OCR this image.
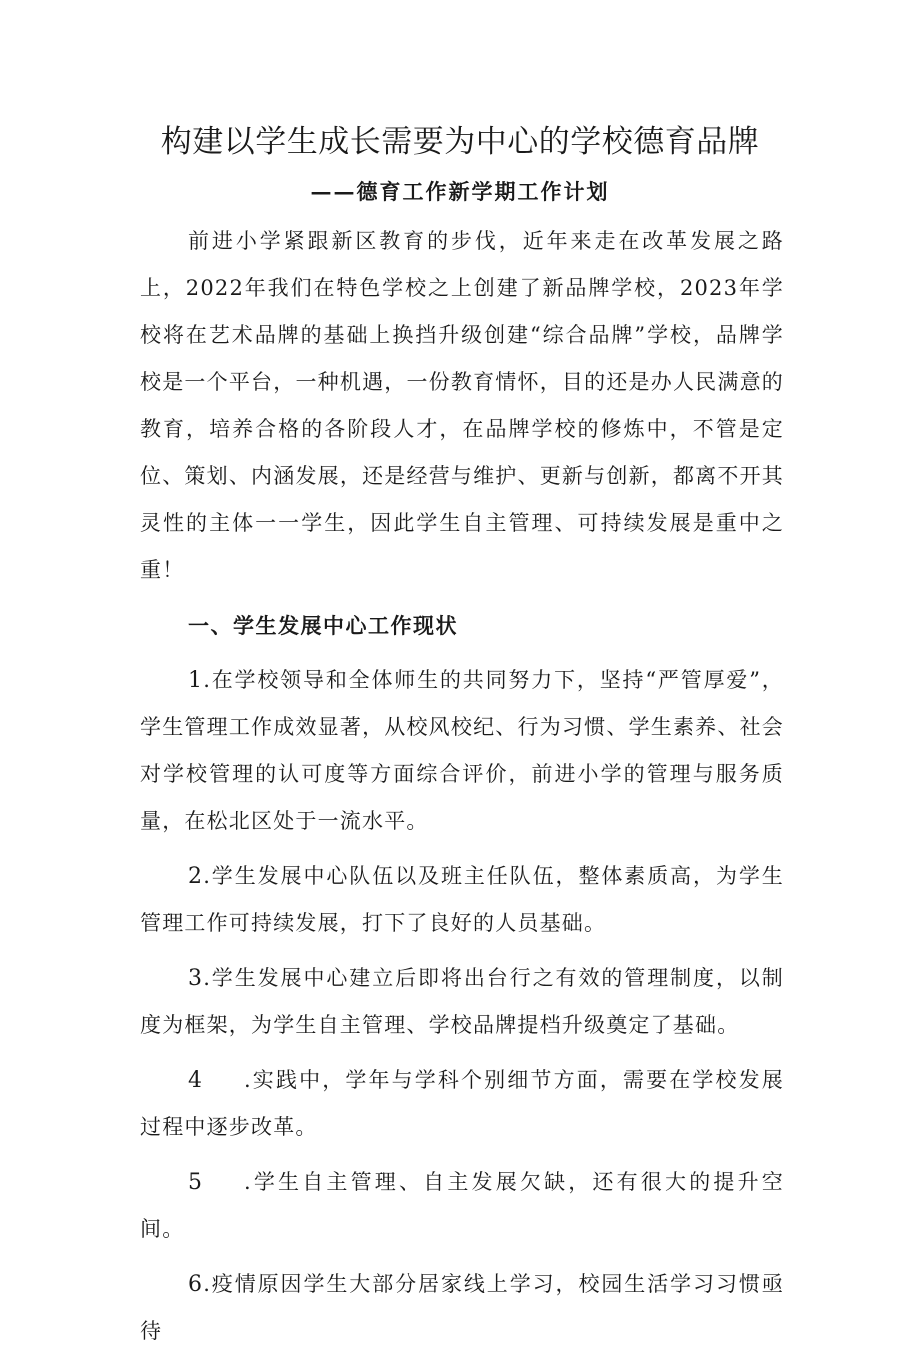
构建以学生成长需要为中心的学校德育品牌
——德育工作新学期工作计划

前进小学紧跟新区教育的步伐，近年来走在改革发展之路上，2022年我们在特色学校之上创建了新品牌学校，2023年学校将在艺术品牌的基础上换挡升级创建“综合品牌”学校，品牌学校是一个平台，一种机遇，一份教育情怀，目的还是办人民满意的教育，培养合格的各阶段人才，在品牌学校的修炼中，不管是定位、策划、内涵发展，还是经营与维护、更新与创新，都离不开其灵性的主体一一学生，因此学生自主管理、可持续发展是重中之重！

一、学生发展中心工作现状

1.在学校领导和全体师生的共同努力下，坚持“严管厚爱”，学生管理工作成效显著，从校风校纪、行为习惯、学生素养、社会对学校管理的认可度等方面综合评价，前进小学的管理与服务质量，在松北区处于一流水平。

2.学生发展中心队伍以及班主任队伍，整体素质高，为学生管理工作可持续发展，打下了良好的人员基础。

3.学生发展中心建立后即将出台行之有效的管理制度，以制度为框架，为学生自主管理、学校品牌提档升级奠定了基础。

4 .实践中，学年与学科个别细节方面，需要在学校发展过程中逐步改革。

5 .学生自主管理、自主发展欠缺，还有很大的提升空间。

6.疫情原因学生大部分居家线上学习，校园生活学习习惯亟待
